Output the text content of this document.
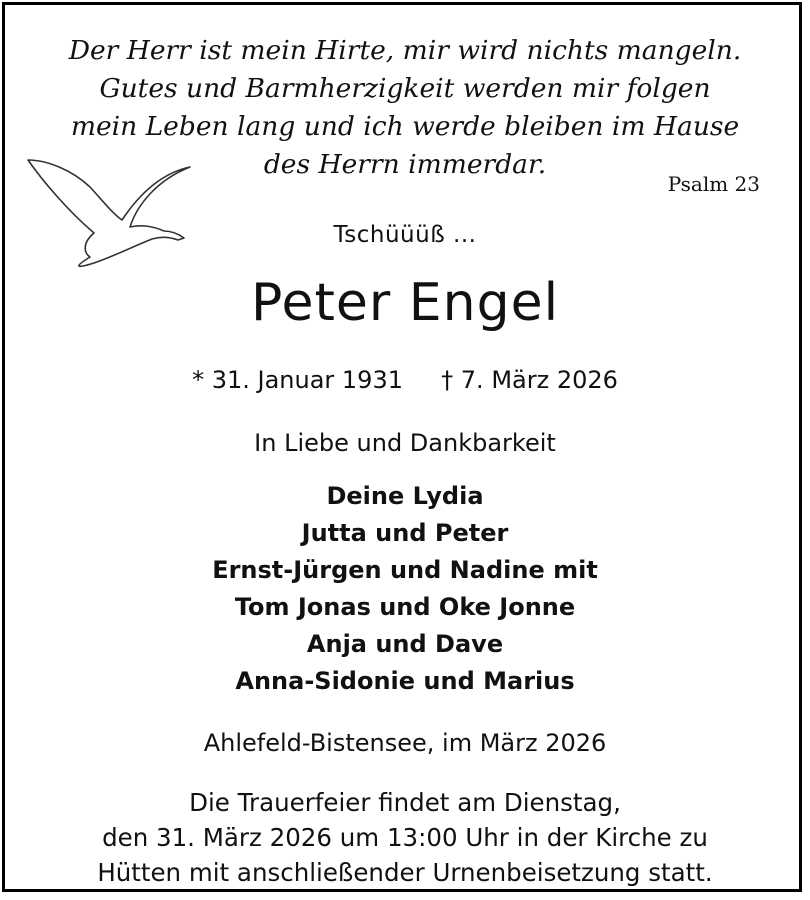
Der Herr ist mein Hirte, mir wird nichts mangeln.
Gutes und Barmherzigkeit werden mir folgen
mein Leben lang und ich werde bleiben im Hause
des Herrn immerdar.
Psalm 23
Tschüüüß ...
Peter Engel
* 31. Januar 1931 † 7. März 2026
In Liebe und Dankbarkeit
Deine Lydia
Jutta und Peter
Ernst-Jürgen und Nadine mit
Tom Jonas und Oke Jonne
Anja und Dave
Anna-Sidonie und Marius
Ahlefeld-Bistensee, im März 2026
Die Trauerfeier findet am Dienstag,
den 31. März 2026 um 13:00 Uhr in der Kirche zu
Hütten mit anschließender Urnenbeisetzung statt.
